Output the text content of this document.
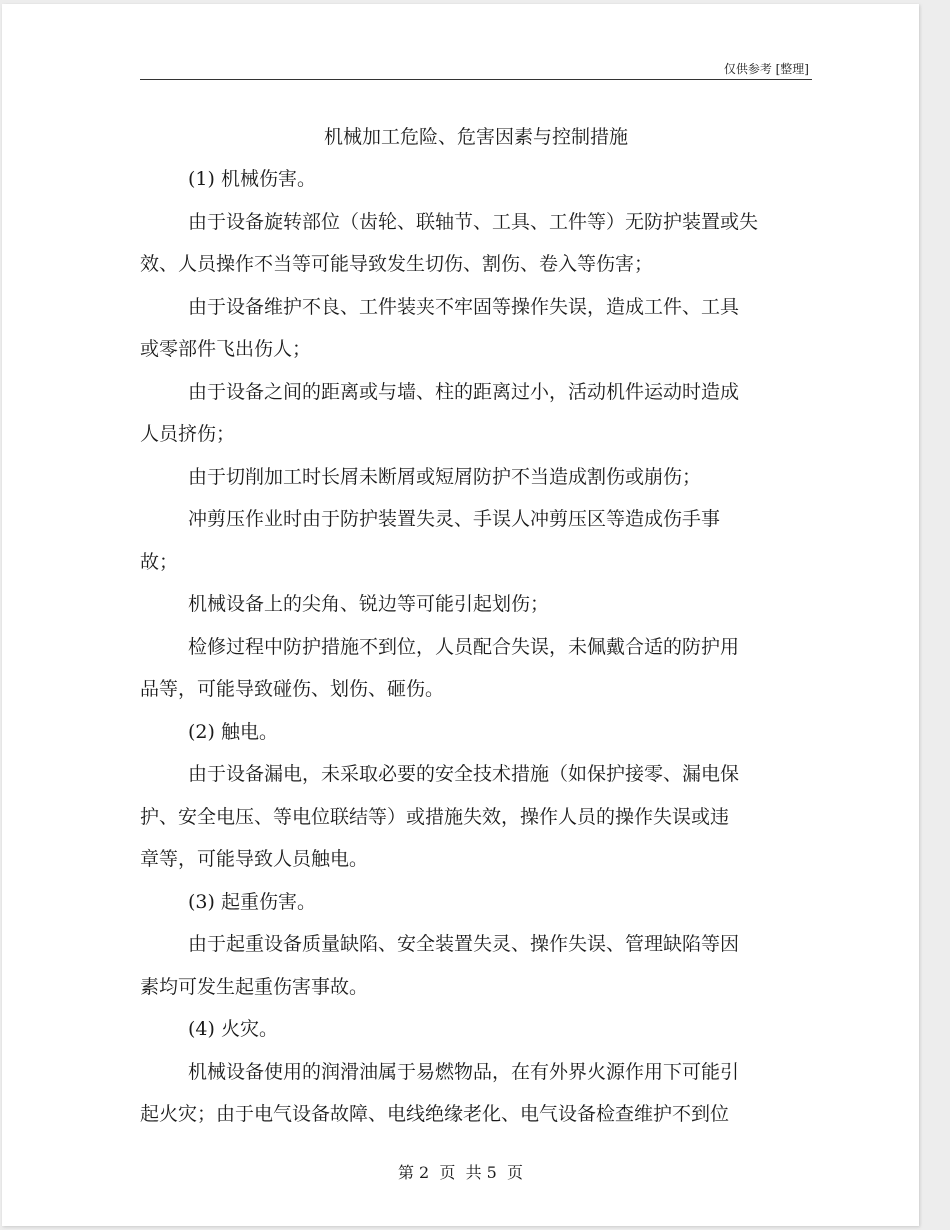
仅供参考 [整理]
机械加工危险、危害因素与控制措施
(1) 机械伤害。
由于设备旋转部位（齿轮、联轴节、工具、工件等）无防护装置或失
效、人员操作不当等可能导致发生切伤、割伤、卷入等伤害；
由于设备维护不良、工件装夹不牢固等操作失误，造成工件、工具
或零部件飞出伤人；
由于设备之间的距离或与墙、柱的距离过小，活动机件运动时造成
人员挤伤；
由于切削加工时长屑未断屑或短屑防护不当造成割伤或崩伤；
冲剪压作业时由于防护装置失灵、手误人冲剪压区等造成伤手事
故；
机械设备上的尖角、锐边等可能引起划伤；
检修过程中防护措施不到位，人员配合失误，未佩戴合适的防护用
品等，可能导致碰伤、划伤、砸伤。
(2) 触电。
由于设备漏电，未采取必要的安全技术措施（如保护接零、漏电保
护、安全电压、等电位联结等）或措施失效，操作人员的操作失误或违
章等，可能导致人员触电。
(3) 起重伤害。
由于起重设备质量缺陷、安全装置失灵、操作失误、管理缺陷等因
素均可发生起重伤害事故。
(4) 火灾。
机械设备使用的润滑油属于易燃物品，在有外界火源作用下可能引
起火灾；由于电气设备故障、电线绝缘老化、电气设备检查维护不到位
第 2  页  共 5  页
